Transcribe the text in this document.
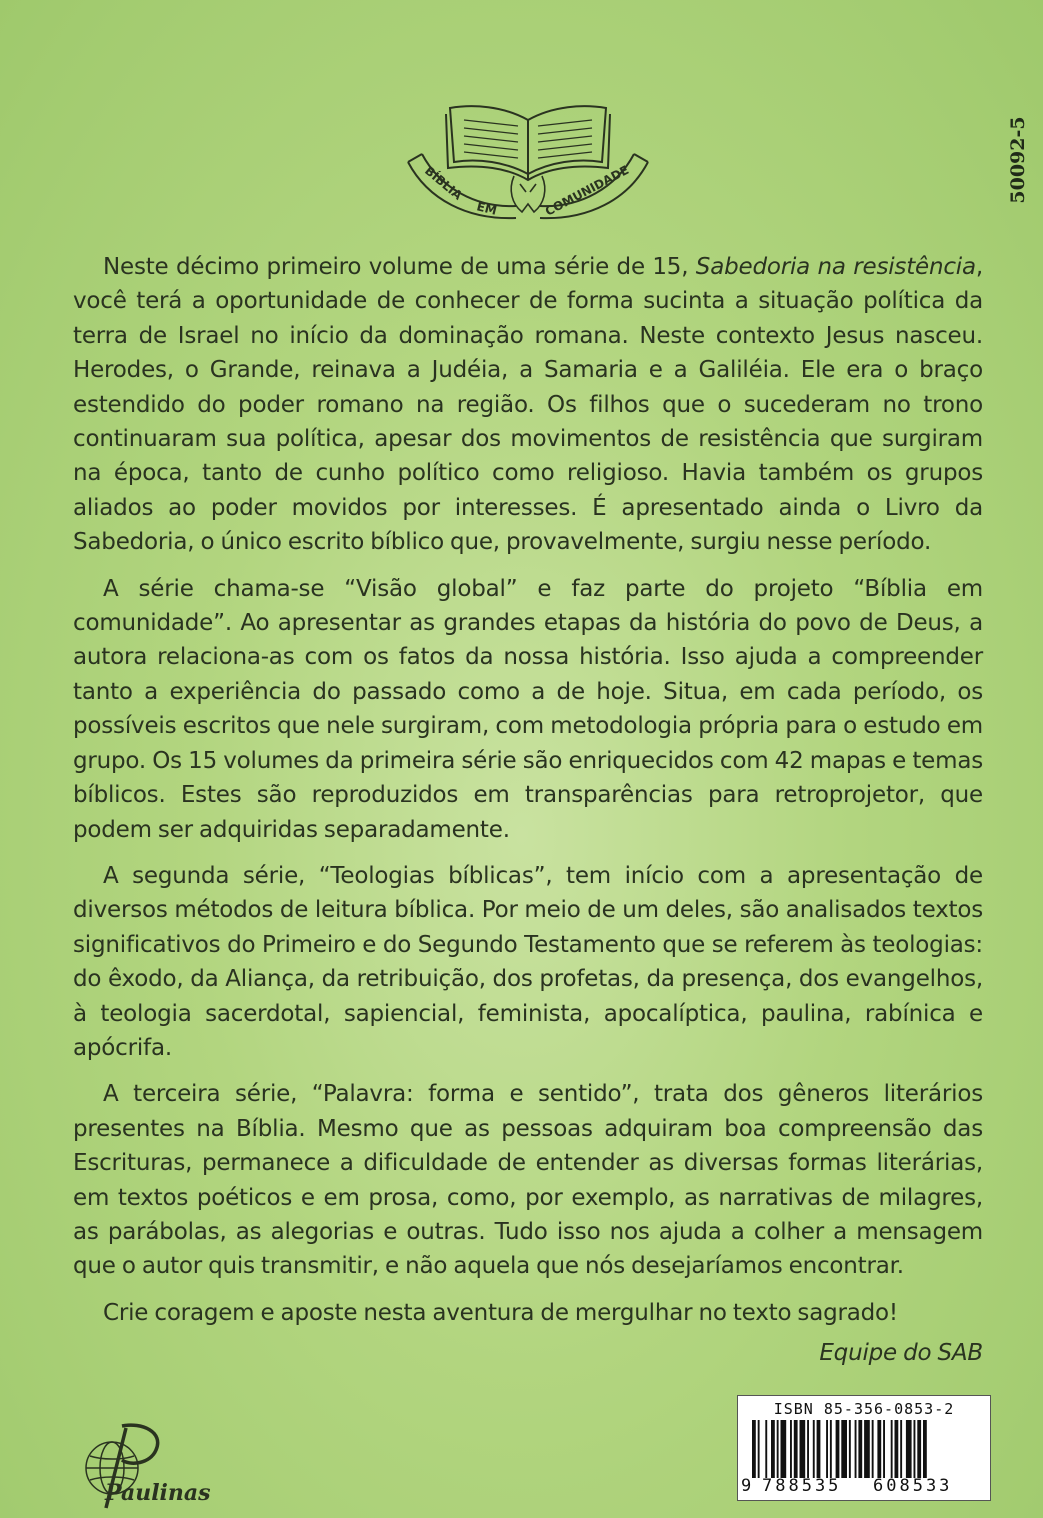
BÍBLIA
EM	COMUNIDADE	50092-5

Neste décimo primeiro volume de uma série de 15, Sabedoria na resistência, você terá a oportunidade de conhecer de forma sucinta a situação política da terra de Israel no início da dominação romana. Neste contexto Jesus nasceu. Herodes, o Grande, reinava a Judéia, a Samaria e a Galiléia. Ele era o braço estendido do poder romano na região. Os filhos que o sucederam no trono continuaram sua política, apesar dos movimentos de resistência que surgiram na época, tanto de cunho político como religioso. Havia também os grupos aliados ao poder movidos por interesses. É apresentado ainda o Livro da Sabedoria, o único escrito bíblico que, provavelmente, surgiu nesse período.

A série chama-se “Visão global” e faz parte do projeto “Bíblia em comunidade”. Ao apresentar as grandes etapas da história do povo de Deus, a autora relaciona-as com os fatos da nossa história. Isso ajuda a compreender tanto a experiência do passado como a de hoje. Situa, em cada período, os possíveis escritos que nele surgiram, com metodologia própria para o estudo em grupo. Os 15 volumes da primeira série são enriquecidos com 42 mapas e temas bíblicos. Estes são reproduzidos em transparências para retroprojetor, que podem ser adquiridas separadamente.

A segunda série, “Teologias bíblicas”, tem início com a apresentação de diversos métodos de leitura bíblica. Por meio de um deles, são analisados textos significativos do Primeiro e do Segundo Testamento que se referem às teologias: do êxodo, da Aliança, da retribuição, dos profetas, da presença, dos evangelhos, à teologia sacerdotal, sapiencial, feminista, apocalíptica, paulina, rabínica e apócrifa.

A terceira série, “Palavra: forma e sentido”, trata dos gêneros literários presentes na Bíblia. Mesmo que as pessoas adquiram boa compreensão das Escrituras, permanece a dificuldade de entender as diversas formas literárias, em textos poéticos e em prosa, como, por exemplo, as narrativas de milagres, as parábolas, as alegorias e outras. Tudo isso nos ajuda a colher a mensagem que o autor quis transmitir, e não aquela que nós desejaríamos encontrar.

Crie coragem e aposte nesta aventura de mergulhar no texto sagrado!

Equipe do SAB

ISBN 85-356-0853-2
9 788535 608533
Paulinas
